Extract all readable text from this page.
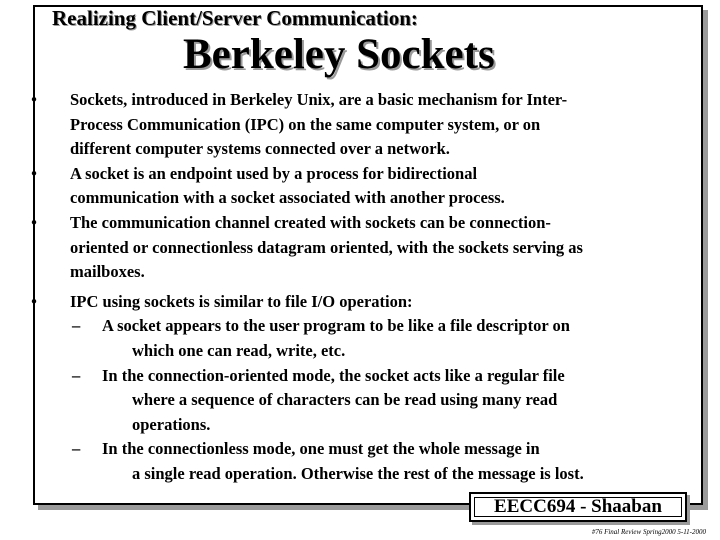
Realizing Client/Server Communication:
Berkeley Sockets
•	Sockets, introduced in Berkeley Unix, are a basic mechanism for Inter-
Process Communication (IPC) on the same computer system, or on
different computer systems connected over a network.
•	A socket is an endpoint used by a process for bidirectional
communication with a socket associated with another process.
•	The communication channel created with sockets can be connection-
oriented or connectionless datagram oriented, with the sockets serving as
mailboxes.
•	IPC using sockets is similar to file I/O operation:
– A socket appears to the user program to be like a file descriptor on
which one can read, write, etc.
– In the connection-oriented mode, the socket acts like a regular file
where a sequence of characters can be read using many read
operations.
– In the connectionless mode, one must get the whole message in
a single read operation. Otherwise the rest of the message is lost.
EECC694 - Shaaban
#76 Final Review Spring2000 5-11-2000
